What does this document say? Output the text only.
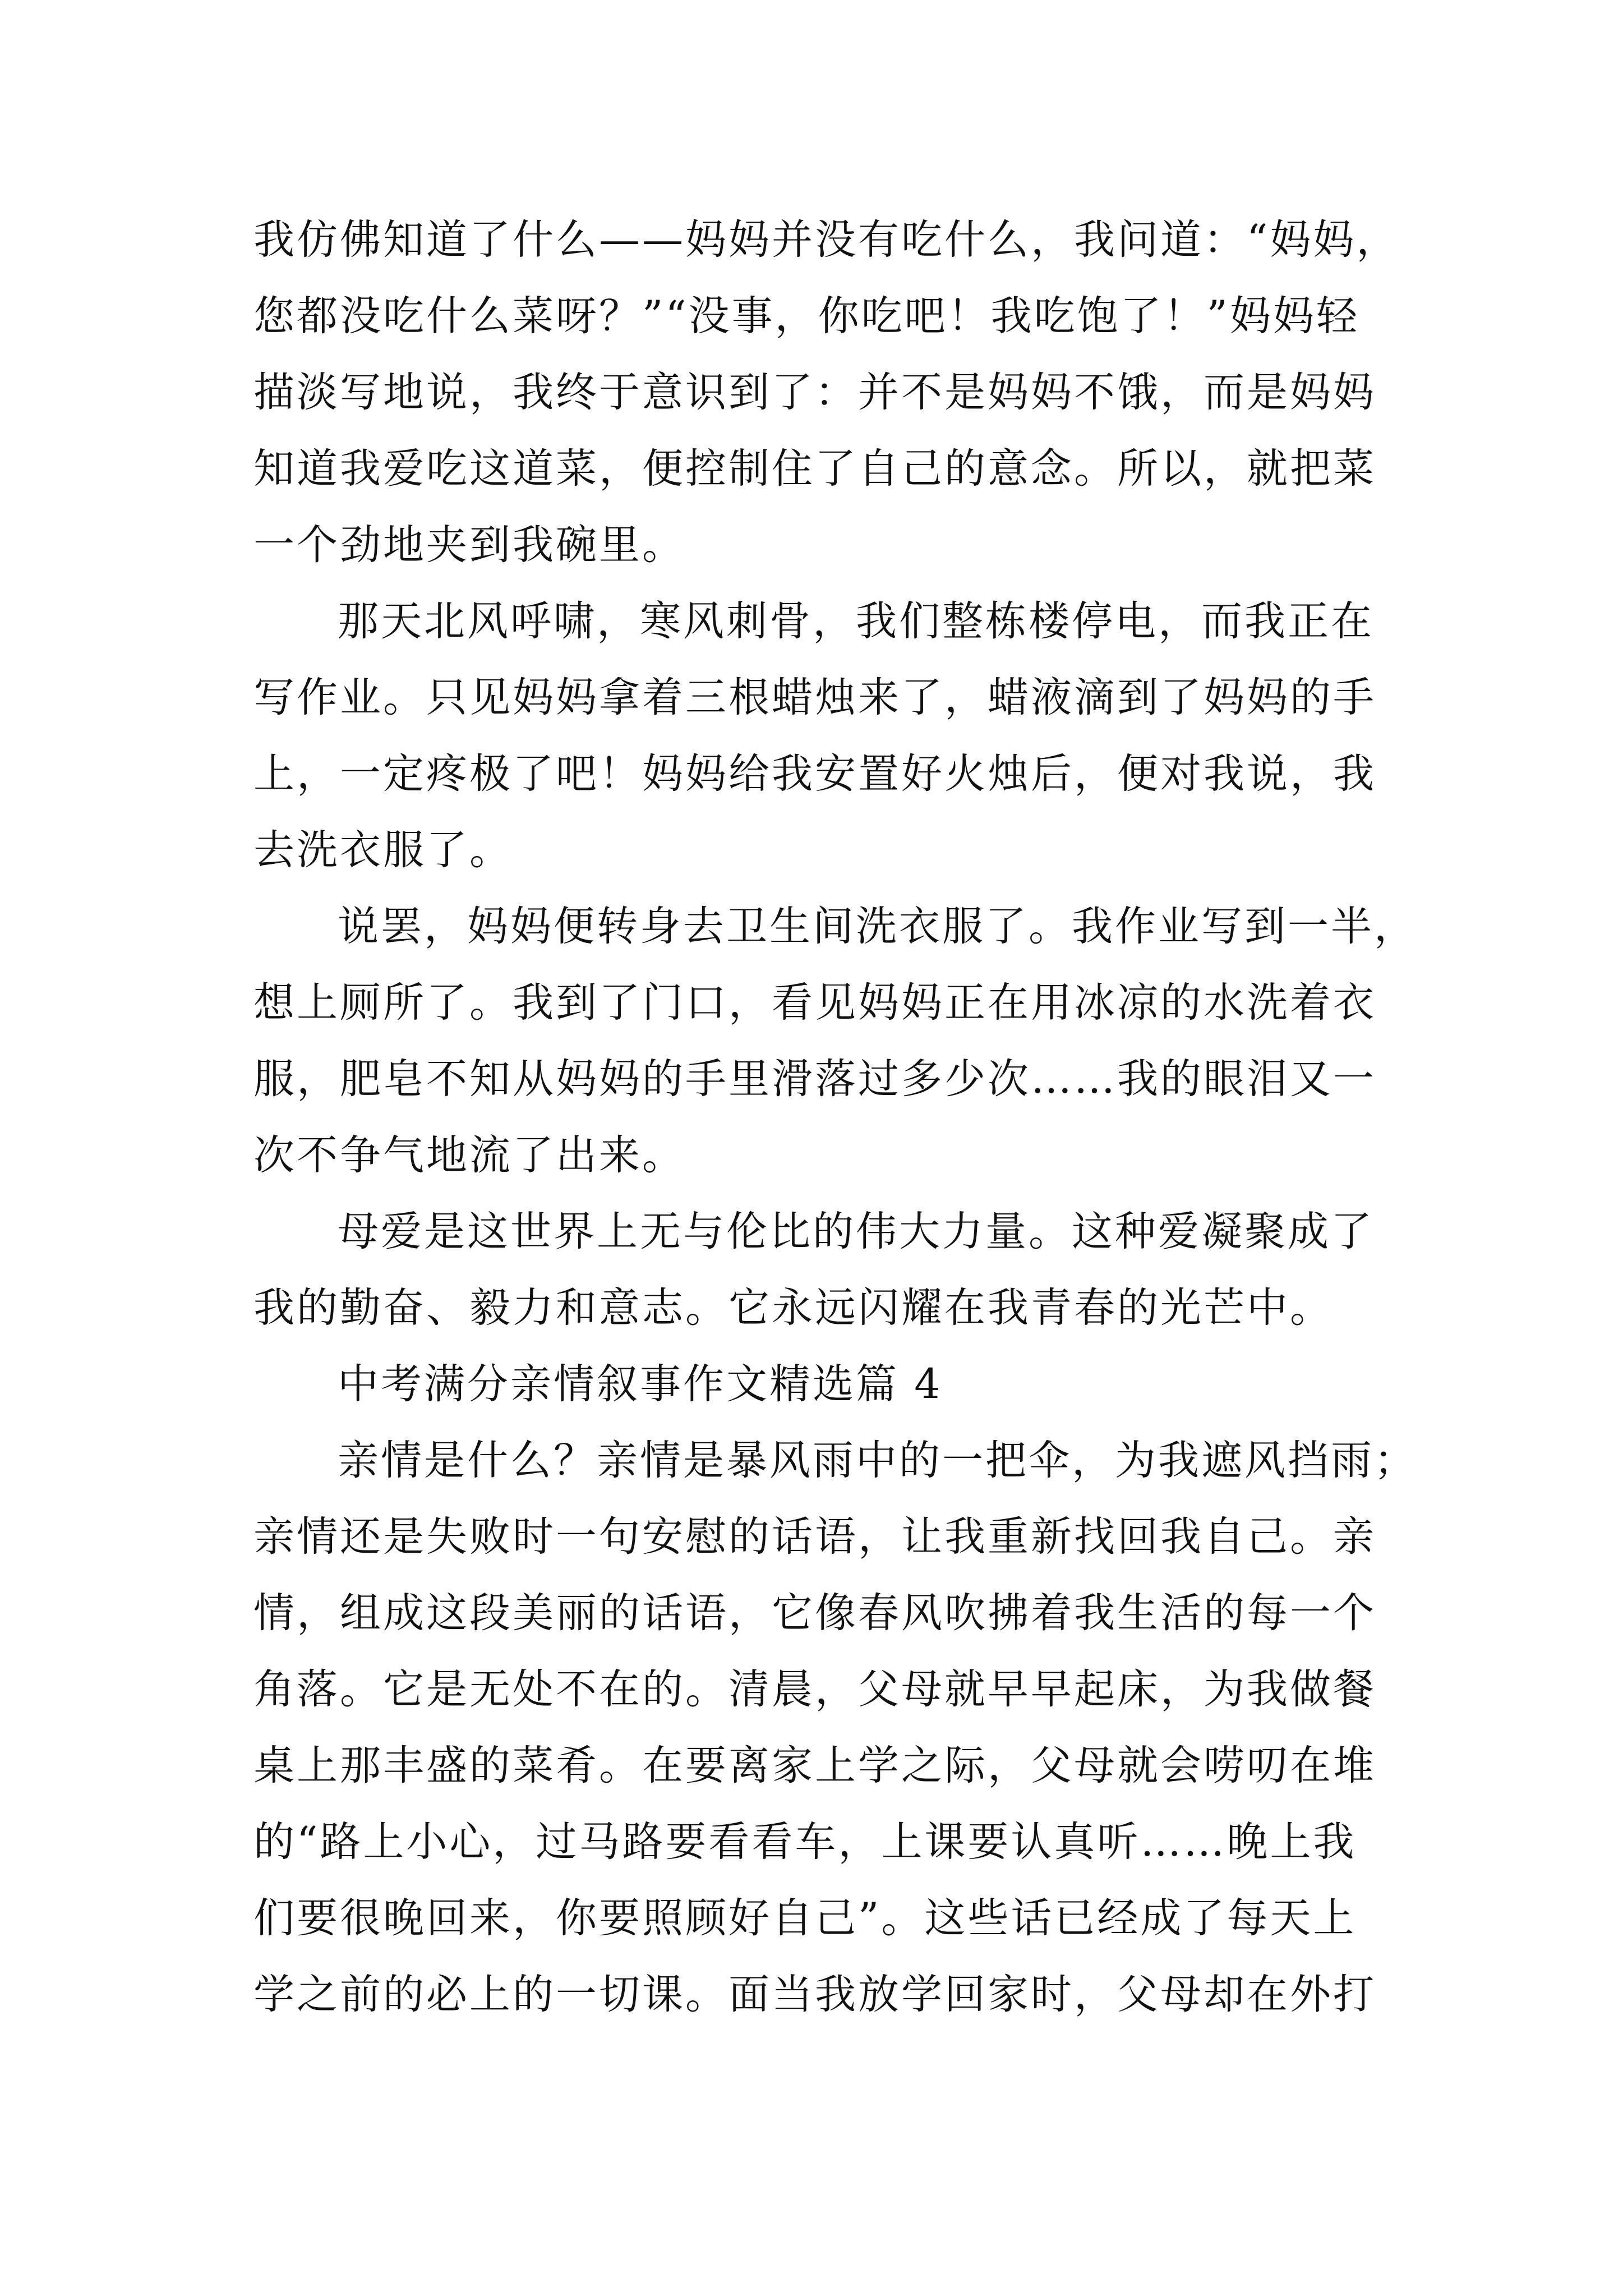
我仿佛知道了什么——妈妈并没有吃什么，我问道：“妈妈，
您都没吃什么菜呀？”“没事，你吃吧！我吃饱了！”妈妈轻
描淡写地说，我终于意识到了：并不是妈妈不饿，而是妈妈
知道我爱吃这道菜，便控制住了自己的意念。所以，就把菜
一个劲地夹到我碗里。
那天北风呼啸，寒风刺骨，我们整栋楼停电，而我正在
写作业。只见妈妈拿着三根蜡烛来了，蜡液滴到了妈妈的手
上，一定疼极了吧！妈妈给我安置好火烛后，便对我说，我
去洗衣服了。
说罢，妈妈便转身去卫生间洗衣服了。我作业写到一半，
想上厕所了。我到了门口，看见妈妈正在用冰凉的水洗着衣
服，肥皂不知从妈妈的手里滑落过多少次……我的眼泪又一
次不争气地流了出来。
母爱是这世界上无与伦比的伟大力量。这种爱凝聚成了
我的勤奋、毅力和意志。它永远闪耀在我青春的光芒中。
中考满分亲情叙事作文精选篇 4
亲情是什么？亲情是暴风雨中的一把伞，为我遮风挡雨；
亲情还是失败时一句安慰的话语，让我重新找回我自己。亲
情，组成这段美丽的话语，它像春风吹拂着我生活的每一个
角落。它是无处不在的。清晨，父母就早早起床，为我做餐
桌上那丰盛的菜肴。在要离家上学之际，父母就会唠叨在堆
的“路上小心，过马路要看看车，上课要认真听……晚上我
们要很晚回来，你要照顾好自己”。这些话已经成了每天上
学之前的必上的一切课。面当我放学回家时，父母却在外打
